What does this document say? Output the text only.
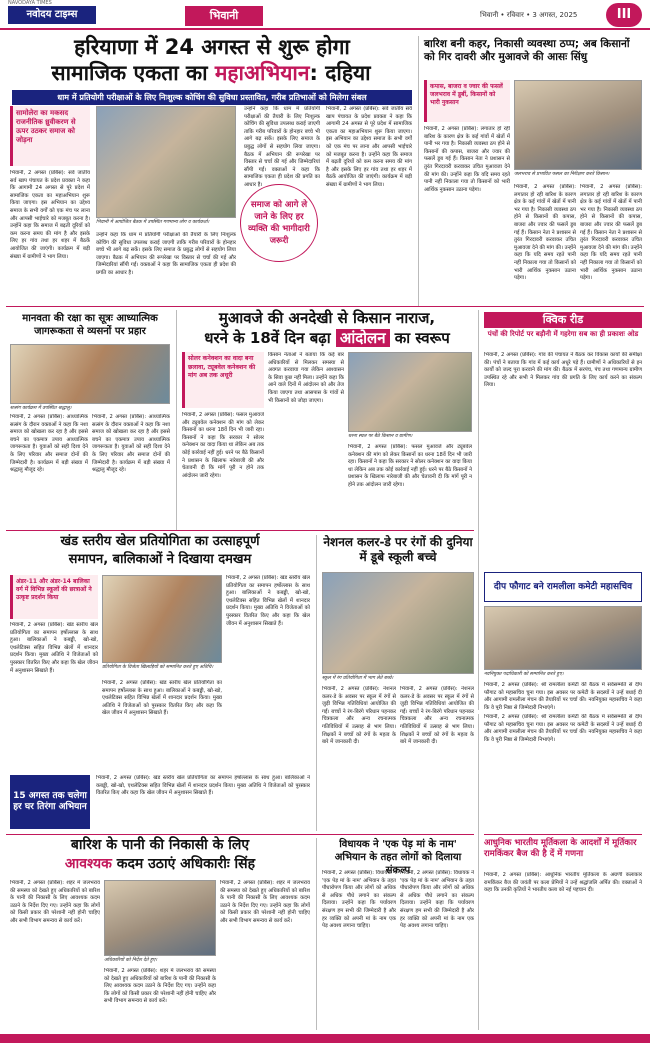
NAVODAYA TIMES
नवोदय टाइम्स	भिवानी	भिवानी • रविवार • 3 अगस्त, 2025	III
हरियाणा में 24 अगस्त से शुरू होगा
सामाजिक एकता का महाअभियान: दहिया
धाम में प्रतियोगी परीक्षाओं के लिए निःशुल्क कोचिंग की सुविधा प्रस्तावित, गरीब प्रतिभाओं को मिलेगा संबल
सामोलेरा का मकसद राजनीतिक ध्रुवीकरण से ऊपर उठकर समाज को जोड़ना
भिवानी, 2 अगस्त (प्रबिंस): सर्व जातीय सर्व खाप पंचायत के प्रदेश प्रवक्ता ने कहा कि आगामी 24 अगस्त से पूरे प्रदेश में सामाजिक एकता का महाअभियान शुरू किया जाएगा। इस अभियान का उद्देश्य समाज के सभी वर्गों को एक मंच पर लाना और आपसी भाईचारे को मजबूत करना है। उन्होंने कहा कि समाज में बढ़ती दूरियों को कम करना समय की मांग है और इसके लिए हर गांव तथा हर शहर में बैठकें आयोजित की जाएंगी। कार्यक्रम में बड़ी संख्या में ग्रामीणों ने भाग लिया।
भिवानी में आयोजित बैठक में उपस्थित गणमान्य लोग व कार्यकर्ता।
उन्होंने कहा कि धाम में प्रतियोगी परीक्षाओं की तैयारी के लिए निःशुल्क कोचिंग की सुविधा उपलब्ध कराई जाएगी ताकि गरीब परिवारों के होनहार बच्चे भी आगे बढ़ सकें। इसके लिए समाज के प्रबुद्ध लोगों से सहयोग लिया जाएगा। बैठक में अभियान की रूपरेखा पर विस्तार से चर्चा की गई और जिम्मेदारियां सौंपी गईं। वक्ताओं ने कहा कि सामाजिक एकता ही प्रदेश की प्रगति का आधार है।
समाज को आगे ले जाने के लिए हर व्यक्ति की भागीदारी जरूरी
भिवानी, 2 अगस्त (प्रबिंस): सर्व जातीय सर्व खाप पंचायत के प्रदेश प्रवक्ता ने कहा कि आगामी 24 अगस्त से पूरे प्रदेश में सामाजिक एकता का महाअभियान शुरू किया जाएगा। इस अभियान का उद्देश्य समाज के सभी वर्गों को एक मंच पर लाना और आपसी भाईचारे को मजबूत करना है। उन्होंने कहा कि समाज में बढ़ती दूरियों को कम करना समय की मांग है और इसके लिए हर गांव तथा हर शहर में बैठकें आयोजित की जाएंगी। कार्यक्रम में बड़ी संख्या में ग्रामीणों ने भाग लिया।
उन्होंने कहा कि धाम में प्रतियोगी परीक्षाओं की तैयारी के लिए निःशुल्क कोचिंग की सुविधा उपलब्ध कराई जाएगी ताकि गरीब परिवारों के होनहार बच्चे भी आगे बढ़ सकें। इसके लिए समाज के प्रबुद्ध लोगों से सहयोग लिया जाएगा। बैठक में अभियान की रूपरेखा पर विस्तार से चर्चा की गई और जिम्मेदारियां सौंपी गईं। वक्ताओं ने कहा कि सामाजिक एकता ही प्रदेश की प्रगति का आधार है।
बारिश बनी कहर, निकासी व्यवस्था ठप्प; अब किसानों को गिर दावरी और मुआवजे की आसः सिंधु
कपास, बाजरा व ज्वार की फसलें जलभराव में डूबीं, किसानों को भारी नुकसान
भिवानी, 2 अगस्त (प्रबिंस): लगातार हो रही बारिश के कारण क्षेत्र के कई गांवों में खेतों में पानी भर गया है। निकासी व्यवस्था ठप होने से किसानों की कपास, बाजरा और ज्वार की फसलें डूब गई हैं। किसान नेता ने प्रशासन से तुरंत गिरदावरी करवाकर उचित मुआवजा देने की मांग की। उन्होंने कहा कि यदि समय रहते पानी नहीं निकाला गया तो किसानों को भारी आर्थिक नुकसान उठाना पड़ेगा।
जलभराव से प्रभावित फसल का निरीक्षण करते किसान।
भिवानी, 2 अगस्त (प्रबिंस): लगातार हो रही बारिश के कारण क्षेत्र के कई गांवों में खेतों में पानी भर गया है। निकासी व्यवस्था ठप होने से किसानों की कपास, बाजरा और ज्वार की फसलें डूब गई हैं। किसान नेता ने प्रशासन से तुरंत गिरदावरी करवाकर उचित मुआवजा देने की मांग की। उन्होंने कहा कि यदि समय रहते पानी नहीं निकाला गया तो किसानों को भारी आर्थिक नुकसान उठाना पड़ेगा।
भिवानी, 2 अगस्त (प्रबिंस): लगातार हो रही बारिश के कारण क्षेत्र के कई गांवों में खेतों में पानी भर गया है। निकासी व्यवस्था ठप होने से किसानों की कपास, बाजरा और ज्वार की फसलें डूब गई हैं। किसान नेता ने प्रशासन से तुरंत गिरदावरी करवाकर उचित मुआवजा देने की मांग की। उन्होंने कहा कि यदि समय रहते पानी नहीं निकाला गया तो किसानों को भारी आर्थिक नुकसान उठाना पड़ेगा।
मानवता की रक्षा का सूत्रः आध्यात्मिक जागरूकता से व्यसनों पर प्रहार
सत्संग कार्यक्रम में उपस्थित श्रद्धालु।
भिवानी, 2 अगस्त (प्रबिंस): आध्यात्मिक सत्संग के दौरान वक्ताओं ने कहा कि नशा समाज को खोखला कर रहा है और इससे बचने का एकमात्र उपाय आध्यात्मिक जागरूकता है। युवाओं को सही दिशा देने के लिए परिवार और समाज दोनों की जिम्मेदारी है। कार्यक्रम में बड़ी संख्या में श्रद्धालु मौजूद रहे।
भिवानी, 2 अगस्त (प्रबिंस): आध्यात्मिक सत्संग के दौरान वक्ताओं ने कहा कि नशा समाज को खोखला कर रहा है और इससे बचने का एकमात्र उपाय आध्यात्मिक जागरूकता है। युवाओं को सही दिशा देने के लिए परिवार और समाज दोनों की जिम्मेदारी है। कार्यक्रम में बड़ी संख्या में श्रद्धालु मौजूद रहे।
मुआवजे की अनदेखी से किसान नाराज,
धरने के 18वें दिन बढ़ा आंदोलन का स्वरूप
सोलर कनेक्शन का वादा बना छलावा, ट्यूबवेल कनेक्शन की मांग अब तक अधूरी
भिवानी, 2 अगस्त (प्रबिंस): फसल मुआवजे और ट्यूबवेल कनेक्शन की मांग को लेकर किसानों का धरना 18वें दिन भी जारी रहा। किसानों ने कहा कि सरकार ने सोलर कनेक्शन का वादा किया था लेकिन अब तक कोई कार्रवाई नहीं हुई। धरने पर बैठे किसानों ने प्रशासन के खिलाफ नारेबाजी की और चेतावनी दी कि मांगें पूरी न होने तक आंदोलन जारी रहेगा।
किसान नेताओं ने बताया कि कई बार अधिकारियों से मिलकर समस्या से अवगत करवाया गया लेकिन आश्वासन के सिवा कुछ नहीं मिला। उन्होंने कहा कि आने वाले दिनों में आंदोलन को और तेज किया जाएगा तथा आसपास के गांवों से भी किसानों को जोड़ा जाएगा।
धरना स्थल पर बैठे किसान व ग्रामीण।
भिवानी, 2 अगस्त (प्रबिंस): फसल मुआवजे और ट्यूबवेल कनेक्शन की मांग को लेकर किसानों का धरना 18वें दिन भी जारी रहा। किसानों ने कहा कि सरकार ने सोलर कनेक्शन का वादा किया था लेकिन अब तक कोई कार्रवाई नहीं हुई। धरने पर बैठे किसानों ने प्रशासन के खिलाफ नारेबाजी की और चेतावनी दी कि मांगें पूरी न होने तक आंदोलन जारी रहेगा।
क्विक रीड
पंचों की रिपोर्ट पर बड़ौनी में गहरेगा सब का ही प्रकाशः ओड
भिवानी, 2 अगस्त (प्रबिंस): गांव की पंचायत ने बैठक कर विकास कार्यों की समीक्षा की। पंचों ने बताया कि गांव में कई कार्य अधूरे पड़े हैं। ग्रामीणों ने अधिकारियों से इन कार्यों को जल्द पूरा करवाने की मांग की। बैठक में सरपंच, पंच तथा गणमान्य ग्रामीण उपस्थित रहे और सभी ने मिलकर गांव की प्रगति के लिए कार्य करने का संकल्प लिया।
दीप फौगाट बने रामलीला कमेटी महासचिव
नवनियुक्त पदाधिकारी को सम्मानित करते हुए।
भिवानी, 2 अगस्त (प्रबिंस): श्री रामलीला कमेटी की बैठक में सर्वसम्मति से दीप फौगाट को महासचिव चुना गया। इस अवसर पर कमेटी के सदस्यों ने उन्हें बधाई दी और आगामी रामलीला मंचन की तैयारियों पर चर्चा की। नवनियुक्त महासचिव ने कहा कि वे पूरी निष्ठा से जिम्मेदारी निभाएंगे।
खंड स्तरीय खेल प्रतियोगिता का उत्साहपूर्ण
समापन, बालिकाओं ने दिखाया दमखम
अंडर-11 और अंडर-14 बालिका वर्ग में विभिन्न स्कूलों की छात्राओं ने उत्कृष्ट प्रदर्शन किया
भिवानी, 2 अगस्त (प्रबिंस): खंड स्तरीय खेल प्रतियोगिता का समापन हर्षोल्लास के साथ हुआ। बालिकाओं ने कबड्डी, खो-खो, एथलेटिक्स सहित विभिन्न खेलों में शानदार प्रदर्शन किया। मुख्य अतिथि ने विजेताओं को पुरस्कार वितरित किए और कहा कि खेल जीवन में अनुशासन सिखाते हैं।
प्रतियोगिता के विजेता खिलाड़ियों को सम्मानित करते हुए अतिथि।
भिवानी, 2 अगस्त (प्रबिंस): खंड स्तरीय खेल प्रतियोगिता का समापन हर्षोल्लास के साथ हुआ। बालिकाओं ने कबड्डी, खो-खो, एथलेटिक्स सहित विभिन्न खेलों में शानदार प्रदर्शन किया। मुख्य अतिथि ने विजेताओं को पुरस्कार वितरित किए और कहा कि खेल जीवन में अनुशासन सिखाते हैं।
भिवानी, 2 अगस्त (प्रबिंस): खंड स्तरीय खेल प्रतियोगिता का समापन हर्षोल्लास के साथ हुआ। बालिकाओं ने कबड्डी, खो-खो, एथलेटिक्स सहित विभिन्न खेलों में शानदार प्रदर्शन किया। मुख्य अतिथि ने विजेताओं को पुरस्कार वितरित किए और कहा कि खेल जीवन में अनुशासन सिखाते हैं।
15 अगस्त तक चलेगा हर घर तिरंगा अभियान
भिवानी, 2 अगस्त (प्रबिंस): खंड स्तरीय खेल प्रतियोगिता का समापन हर्षोल्लास के साथ हुआ। बालिकाओं ने कबड्डी, खो-खो, एथलेटिक्स सहित विभिन्न खेलों में शानदार प्रदर्शन किया। मुख्य अतिथि ने विजेताओं को पुरस्कार वितरित किए और कहा कि खेल जीवन में अनुशासन सिखाते हैं।
नेशनल कलर-डे पर रंगों की दुनिया में डूबे स्कूली बच्चे
स्कूल में रंग प्रतियोगिता में भाग लेते बच्चे।
भिवानी, 2 अगस्त (प्रबिंस): नेशनल कलर-डे के अवसर पर स्कूल में रंगों से जुड़ी विभिन्न गतिविधियां आयोजित की गईं। बच्चों ने रंग-बिरंगे परिधान पहनकर चित्रकला और अन्य रचनात्मक गतिविधियों में उत्साह से भाग लिया। शिक्षकों ने बच्चों को रंगों के महत्व के बारे में जानकारी दी।
भिवानी, 2 अगस्त (प्रबिंस): नेशनल कलर-डे के अवसर पर स्कूल में रंगों से जुड़ी विभिन्न गतिविधियां आयोजित की गईं। बच्चों ने रंग-बिरंगे परिधान पहनकर चित्रकला और अन्य रचनात्मक गतिविधियों में उत्साह से भाग लिया। शिक्षकों ने बच्चों को रंगों के महत्व के बारे में जानकारी दी।
बारिश के पानी की निकासी के लिए
आवश्यक कदम उठाएं अधिकारीः सिंह
भिवानी, 2 अगस्त (प्रबिंस): शहर में जलभराव की समस्या को देखते हुए अधिकारियों को बारिश के पानी की निकासी के लिए आवश्यक कदम उठाने के निर्देश दिए गए। उन्होंने कहा कि लोगों को किसी प्रकार की परेशानी नहीं होनी चाहिए और सभी विभाग समन्वय से कार्य करें।
अधिकारियों को निर्देश देते हुए।
भिवानी, 2 अगस्त (प्रबिंस): शहर में जलभराव की समस्या को देखते हुए अधिकारियों को बारिश के पानी की निकासी के लिए आवश्यक कदम उठाने के निर्देश दिए गए। उन्होंने कहा कि लोगों को किसी प्रकार की परेशानी नहीं होनी चाहिए और सभी विभाग समन्वय से कार्य करें।
भिवानी, 2 अगस्त (प्रबिंस): शहर में जलभराव की समस्या को देखते हुए अधिकारियों को बारिश के पानी की निकासी के लिए आवश्यक कदम उठाने के निर्देश दिए गए। उन्होंने कहा कि लोगों को किसी प्रकार की परेशानी नहीं होनी चाहिए और सभी विभाग समन्वय से कार्य करें।
विधायक ने 'एक पेड़ मां के नाम' अभियान के तहत लोगों को दिलाया संकल्प
भिवानी, 2 अगस्त (प्रबिंस): विधायक ने 'एक पेड़ मां के नाम' अभियान के तहत पौधारोपण किया और लोगों को अधिक से अधिक पौधे लगाने का संकल्प दिलाया। उन्होंने कहा कि पर्यावरण संरक्षण हम सभी की जिम्मेदारी है और हर व्यक्ति को अपनी मां के नाम एक पेड़ अवश्य लगाना चाहिए।
भिवानी, 2 अगस्त (प्रबिंस): विधायक ने 'एक पेड़ मां के नाम' अभियान के तहत पौधारोपण किया और लोगों को अधिक से अधिक पौधे लगाने का संकल्प दिलाया। उन्होंने कहा कि पर्यावरण संरक्षण हम सभी की जिम्मेदारी है और हर व्यक्ति को अपनी मां के नाम एक पेड़ अवश्य लगाना चाहिए।
भिवानी, 2 अगस्त (प्रबिंस): श्री रामलीला कमेटी की बैठक में सर्वसम्मति से दीप फौगाट को महासचिव चुना गया। इस अवसर पर कमेटी के सदस्यों ने उन्हें बधाई दी और आगामी रामलीला मंचन की तैयारियों पर चर्चा की। नवनियुक्त महासचिव ने कहा कि वे पूरी निष्ठा से जिम्मेदारी निभाएंगे।
आधुनिक भारतीय मूर्तिकला के आदर्शों में मूर्तिकार रामकिंकर बैज की है दें में गणना
भिवानी, 2 अगस्त (प्रबिंस): आधुनिक भारतीय मूर्तिकला के अग्रणी कलाकार रामकिंकर बैज की जयंती पर कला प्रेमियों ने उन्हें श्रद्धांजलि अर्पित की। वक्ताओं ने कहा कि उनकी कृतियों ने भारतीय कला को नई पहचान दी।
